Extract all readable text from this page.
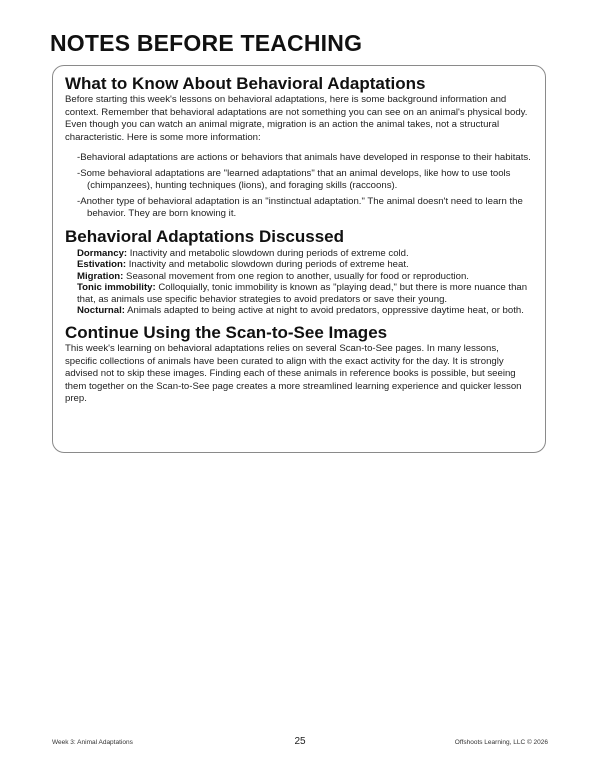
NOTES BEFORE TEACHING
What to Know About Behavioral Adaptations

Before starting this week's lessons on behavioral adaptations, here is some background information and context. Remember that behavioral adaptations are not something you can see on an animal's physical body. Even though you can watch an animal migrate, migration is an action the animal takes, not a structural characteristic. Here is some more information:

-Behavioral adaptations are actions or behaviors that animals have developed in response to their habitats.
-Some behavioral adaptations are "learned adaptations" that an animal develops, like how to use tools (chimpanzees), hunting techniques (lions), and foraging skills (raccoons).
-Another type of behavioral adaptation is an "instinctual adaptation." The animal doesn't need to learn the behavior. They are born knowing it.
Behavioral Adaptations Discussed

Dormancy: Inactivity and metabolic slowdown during periods of extreme cold.

Estivation: Inactivity and metabolic slowdown during periods of extreme heat.

Migration: Seasonal movement from one region to another, usually for food or reproduction.

Tonic immobility: Colloquially, tonic immobility is known as "playing dead," but there is more nuance than that, as animals use specific behavior strategies to avoid predators or save their young.

Nocturnal: Animals adapted to being active at night to avoid predators, oppressive daytime heat, or both.

Continue Using the Scan-to-See Images

This week's learning on behavioral adaptations relies on several Scan-to-See pages. In many lessons, specific collections of animals have been curated to align with the exact activity for the day. It is strongly advised not to skip these images. Finding each of these animals in reference books is possible, but seeing them together on the Scan-to-See page creates a more streamlined learning experience and quicker lesson prep.

Week 3: Animal Adaptations	25	Offshoots Learning, LLC © 2026
